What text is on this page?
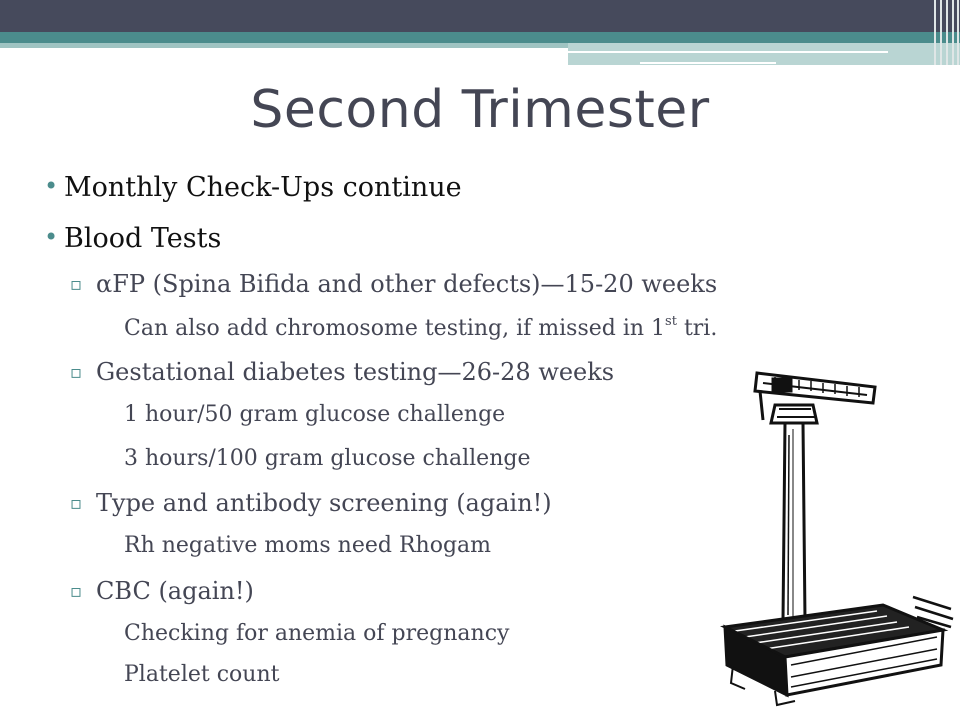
Second Trimester
• Monthly Check-Ups continue
• Blood Tests
▫ αFP (Spina Bifida and other defects)—15-20 weeks
Can also add chromosome testing, if missed in 1st tri.
▫ Gestational diabetes testing—26-28 weeks
1 hour/50 gram glucose challenge
3 hours/100 gram glucose challenge
▫ Type and antibody screening (again!)
Rh negative moms need Rhogam
▫ CBC (again!)
Checking for anemia of pregnancy
Platelet count
